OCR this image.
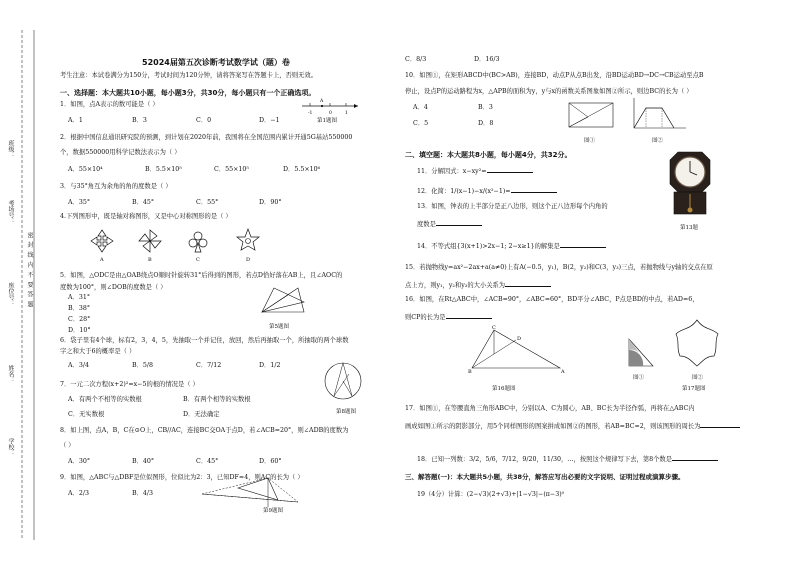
学校：
姓名：
班级：
考场号：
座位号： 密 封 线 内 不 要 答 题
52024届第五次诊断考试数学试（题）卷
考生注意：本试卷满分为150分，考试时间为120分钟，请将答案写在答题卡上，否则无效。
一、选择题：本大题共10小题，每小题3分，共30分，每小题只有一个正确选项。
1．如图，点A表示的数可能是（ ）
A．1	B．3	C．0	D．−1
-1
A
0	1
第1题图
2．根据中国信息通讯研究院的预测，到计划在2020年前，我国将在全国范围内累计开通5G基站550000
个，数据550000用科学记数法表示为（ ）
A．55×10⁴	B．5.5×10⁵	C．55×10⁵	D．5.5×10⁶
3．与35°角互为余角的角的度数是（ ）
A．35°	B．45°	C．55°	D．90°
4.下列图形中，既是轴对称图形，又是中心对称图形的是（ ）
A	B	C	D
5．如图，△ODC是由△OAB绕点O顺时针旋转31°后得到的图形，若点D恰好落在AB上，且∠AOC的
度数为100°，则∠DOB的度数是（ ）
A．31°
B．38°
C．28°
D．10°	第5题图
6．袋子里有4个球，标有2，3，4，5，先抽取一个并记住，放回，然后再抽取一个，所抽取的两个球数
字之和大于6的概率是（ ）
A．3/4	B．5/8	C．7/12	D．1/2
7．一元二次方程(x+2)²=x−5的根的情况是（ ）
A．有两个不相等的实数根	B．有两个相等的实数根
C．无实数根	D．无法确定	第8题图
8．如上图，点A，B，C在⊙O上，CB//AC，连接BC交OA于点D，若∠ACB=20°，则∠ADB的度数为
（ ）
A．30°	B．40°	C．45°	D．60°
9．如图，△ABC与△DBF是位似图形，位似比为2：3，已知DF=4，则AC的长为（ ）
A．2/3	B．4/3
第9题图
C．8/3	D．16/3
10．如图①，在矩形ABCD中(BC>AB)，连接BD，动点P从点B出发，沿BD运动BD→DC→CB运动至点B
停止，设点P的运动路程为x，△APB的面积为y，y与x的函数关系图象如图②所示，则边BC的长为（ ）
A．4	B．3
C．5	D．8
图①	图②
二、填空题：本大题共8小题，每小题4分，共32分。
11．分解因式：x−xy²=
12．化简：1/(x−1)−x/(x²−1)=
13．如图，钟表的上半部分是正八边形，则这个正八边形每个内角的
度数是	第13题
14．不等式组{3(x+1)>2x−1; 2−x≥1}的解集是
15．若抛物线y=ax²−2ax+a(a≠0)上有A(−0.5，y₁)，B(2，y₂)和C(3，y₃)三点，若抛物线与y轴的交点在原
点上方，则y₁，y₂和y₃的大小关系为
16．如图，在Rt△ABC中，∠ACB=90°，∠ABC=60°，BD平分∠ABC，P点是BD的中点，若AD=6，
则CP的长为是
C
B	A
D
第16题图
图①	图②
第17题图
17．如图①，在等腰直角三角形ABC中，分别以A、C为圆心，AB、BC长为半径作弧，再将在△ABC内
画成如图①所示的阴影部分，用5个同样图形的图案拼成如图②的图形，若AB=BC=2，则该图形的周长为
18．已知一列数：3/2，5/6，7/12，9/20，11/30，…，按照这个规律写下去，第8个数是
三、解答题(一)：本大题共5小题，共38分，解答应写出必要的文字说明、证明过程或演算步骤。
19（4分）计算：(2−√3)(2+√3)+|1−√3|−(π−3)⁰
